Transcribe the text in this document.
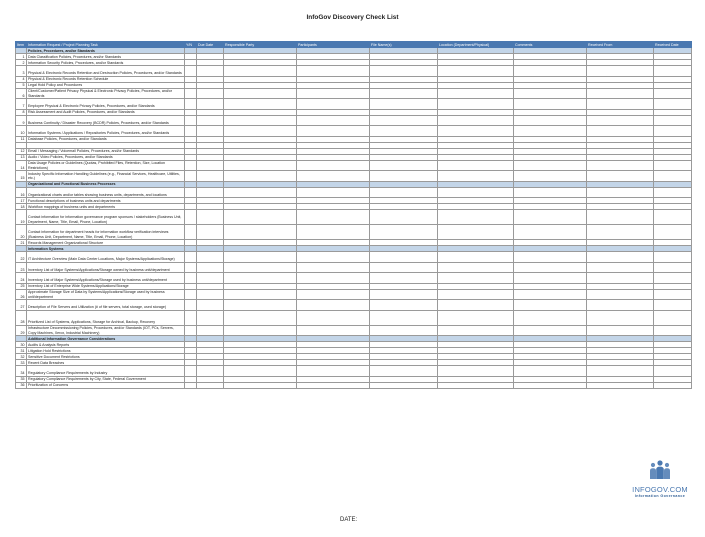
InfoGov Discovery Check List
Item	Information Request / Project Planning Task	Y/N	Due Date	Responsible Party	Participants	File Name(s)	Location (Department/Physical)	Comments	Received From	Received Date
	Policies, Procedures, and/or Standards									
1	Data Classification Policies, Procedures, and/or Standards									
2	Information Security Policies, Procedures, and/or Standards									
3	Physical & Electronic Records Retention and Destruction Policies, Procedures, and/or Standards									
4	Physical & Electronic Records Retention Schedule									
5	Legal Hold Policy and Procedures									
6	Client/Customer/Patient Privacy Physical & Electronic Privacy Policies, Procedures, and/or Standards									
7	Employee Physical & Electronic Privacy Policies, Procedures, and/or Standards									
8	Risk Assessment and Audit Policies, Procedures, and/or Standards									
9	Business Continuity / Disaster Recovery (BCDR) Policies, Procedures, and/or Standards									
10	Information Systems / Applications / Repositories Policies, Procedures, and/or Standards									
11	Database Policies, Procedures, and/or Standards									

12	Email / Messaging / Voicemail Policies, Procedures, and/or Standards									
13	Audio / Video Policies, Procedures, and/or Standards									
14	Data Usage Policies or Guidelines (Quotas, Prohibited Files, Retention, Size, Location Restrictions)									
15	Industry Specific Information Handling Guidelines (e.g., Financial Services, Healthcare, Utilities, etc.)									
	Organizational and Functional Business Processes									
16	Organizational charts and/or tables showing business units, departments, and locations									
17	Functional descriptions of business units and departments									
18	Workflow mappings of business units and departments									
19	Contact information for information governance program sponsors / stakeholders (Business Unit, Department, Name, Title, Email, Phone, Location)									
20	Contact information for department heads for information workflow verification interviews (Business Unit, Department, Name, Title, Email, Phone, Location)									
21	Records Management Organizational Structure									
	Information Systems									
22	IT Architecture Overview (Main Data Center Locations, Major Systems/Applications/Storage)									
23	Inventory List of Major Systems/Applications/Storage owned by business unit/department									
24	Inventory List of Major Systems/Applications/Storage used by business unit/department									
25	Inventory List of Enterprise Wide Systems/Applications/Storage									
26	Approximate Storage Size of Data by Systems/Applications/Storage used by business unit/department									
27	Description of File Servers and Utilization (# of file servers, total storage, used storage)									
28	Prioritized List of Systems, Applications, Storage for Archival, Backup, Recovery									
29	Infrastructure Decommissioning Policies, Procedures, and/or Standards (IOT, PCs, Servers, Copy Machines, Xerox, Industrial Machinery)									
	Additional Information Governance Considerations									
30	Audits & Analysis Reports									
31	Litigation Hold Restrictions									
32	Sensitive Document Restrictions									
33	Recent Data Breaches									
34	Regulatory Compliance Requirements by Industry									
35	Regulatory Compliance Requirements by City, State, Federal Government									
36	Prioritization of Concerns									
INFOGOV.COM
Information Governance
DATE:
